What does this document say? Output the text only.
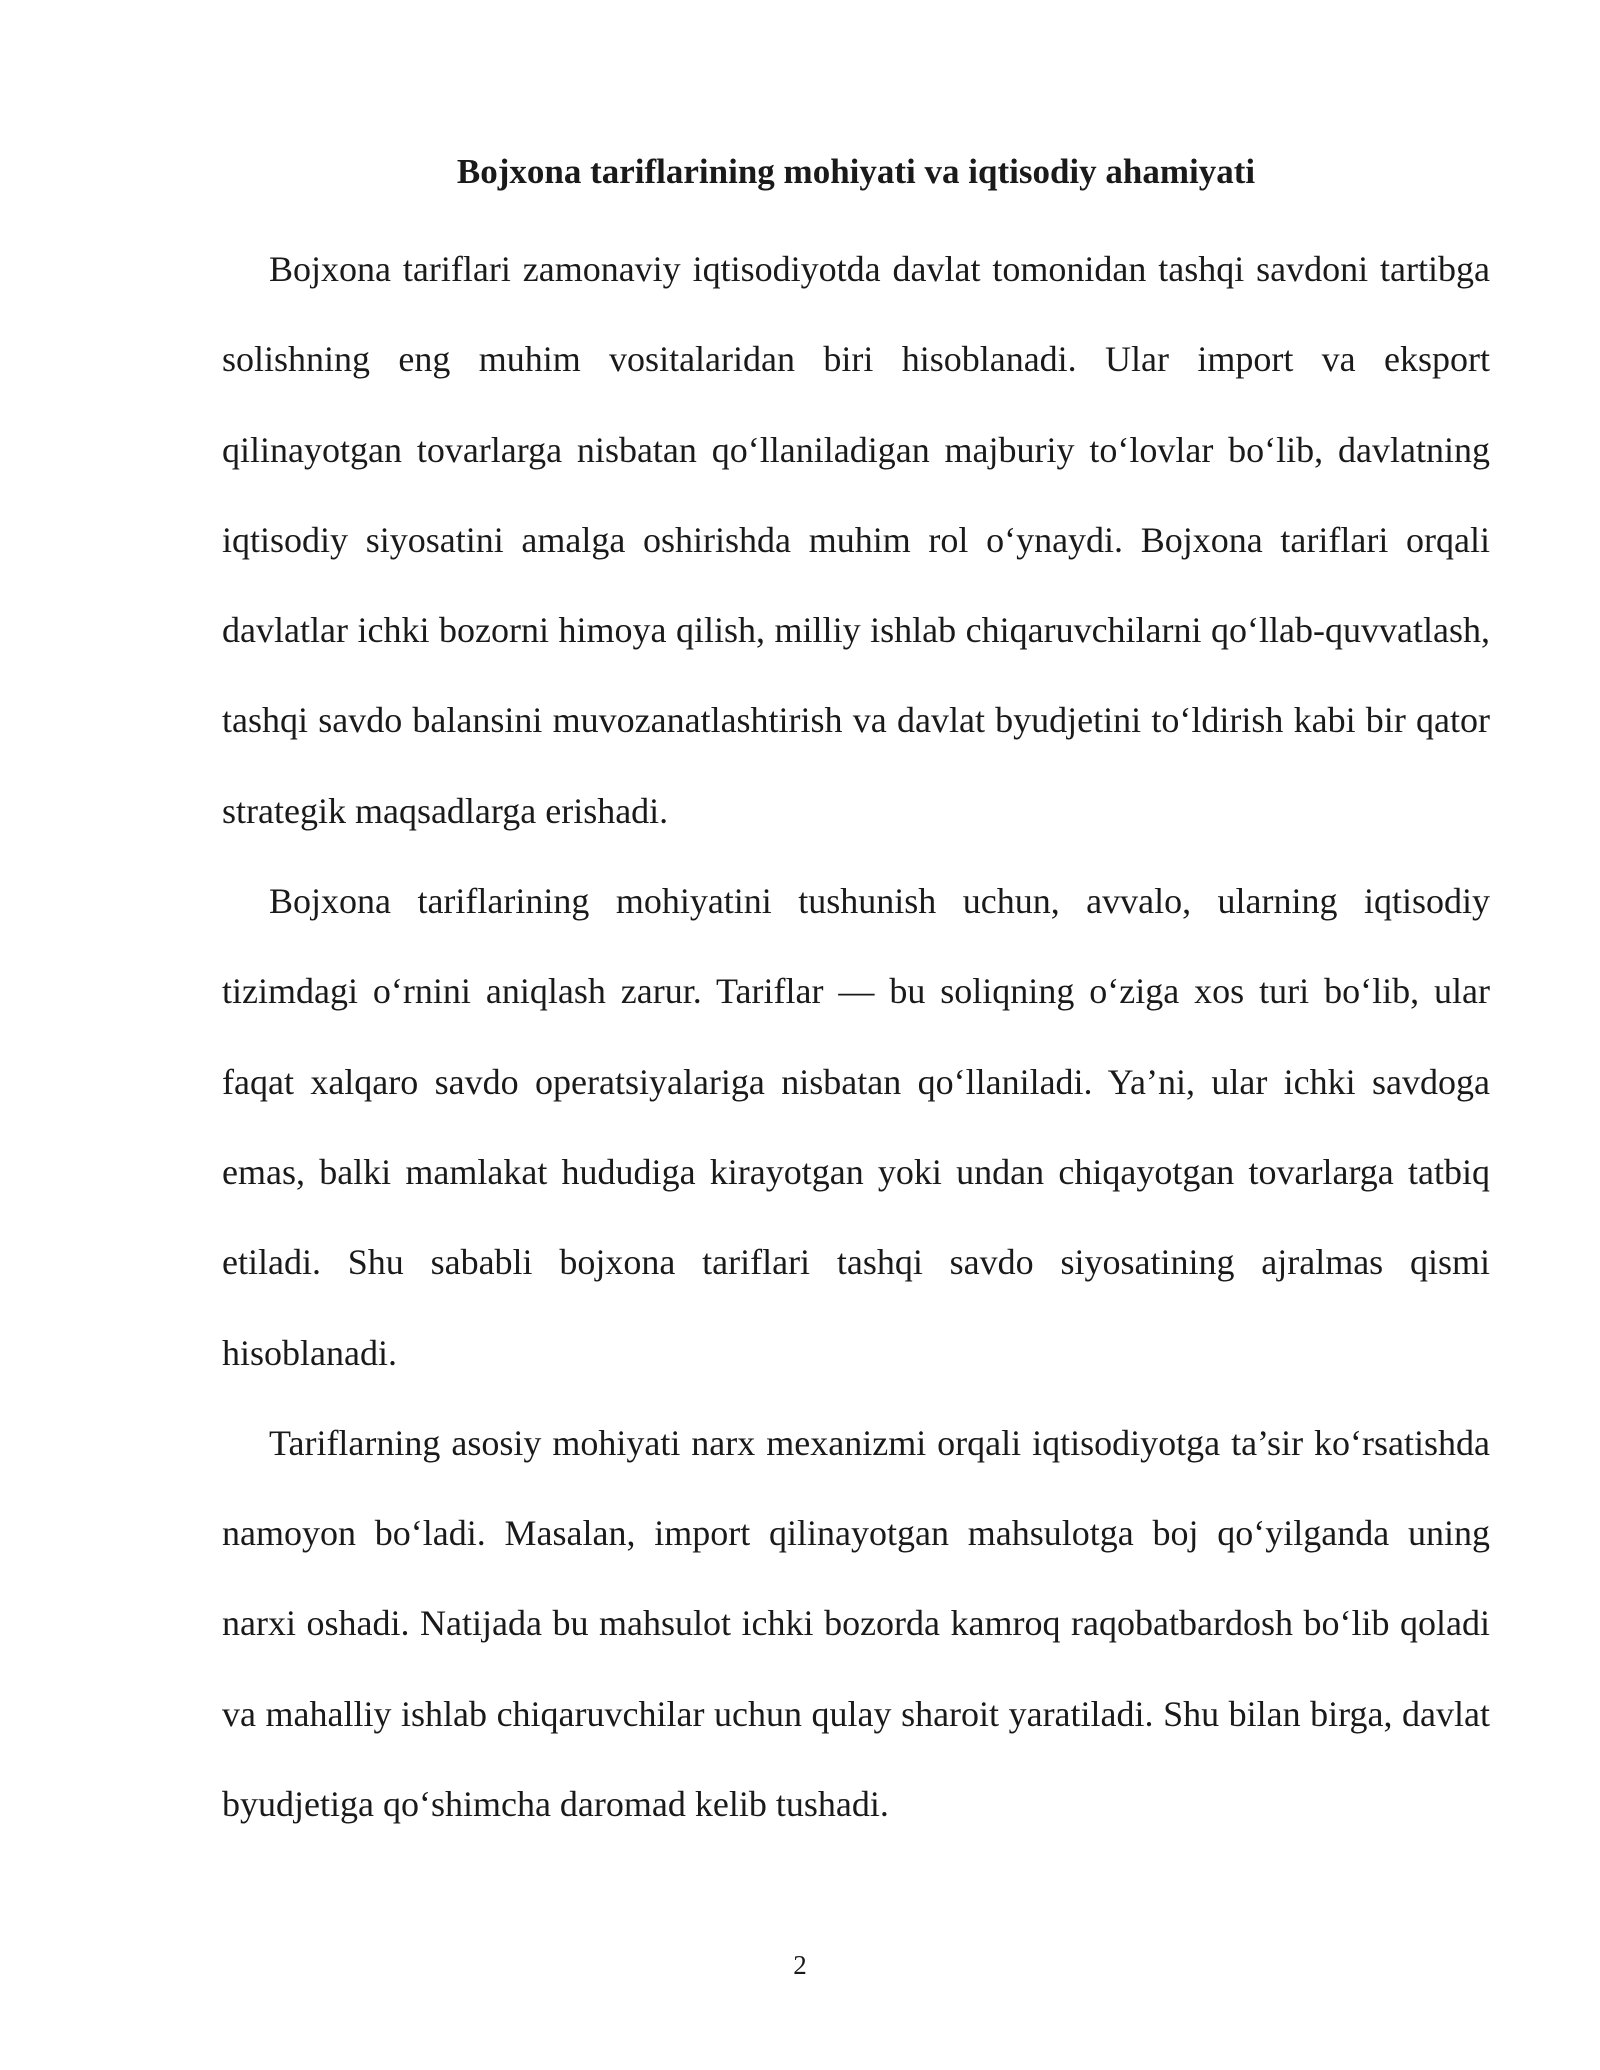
Bojxona tariflarining mohiyati va iqtisodiy ahamiyati

Bojxona tariflari zamonaviy iqtisodiyotda davlat tomonidan tashqi savdoni tartibga solishning eng muhim vositalaridan biri hisoblanadi. Ular import va eksport qilinayotgan tovarlarga nisbatan qo‘llaniladigan majburiy to‘lovlar bo‘lib, davlatning iqtisodiy siyosatini amalga oshirishda muhim rol o‘ynaydi. Bojxona tariflari orqali davlatlar ichki bozorni himoya qilish, milliy ishlab chiqaruvchilarni qo‘llab-quvvatlash, tashqi savdo balansini muvozanatlashtirish va davlat byudjetini to‘ldirish kabi bir qator strategik maqsadlarga erishadi.

Bojxona tariflarining mohiyatini tushunish uchun, avvalo, ularning iqtisodiy tizimdagi o‘rnini aniqlash zarur. Tariflar — bu soliqning o‘ziga xos turi bo‘lib, ular faqat xalqaro savdo operatsiyalariga nisbatan qo‘llaniladi. Ya’ni, ular ichki savdoga emas, balki mamlakat hududiga kirayotgan yoki undan chiqayotgan tovarlarga tatbiq etiladi. Shu sababli bojxona tariflari tashqi savdo siyosatining ajralmas qismi hisoblanadi.

Tariflarning asosiy mohiyati narx mexanizmi orqali iqtisodiyotga ta’sir ko‘rsatishda namoyon bo‘ladi. Masalan, import qilinayotgan mahsulotga boj qo‘yilganda uning narxi oshadi. Natijada bu mahsulot ichki bozorda kamroq raqobatbardosh bo‘lib qoladi va mahalliy ishlab chiqaruvchilar uchun qulay sharoit yaratiladi. Shu bilan birga, davlat byudjetiga qo‘shimcha daromad kelib tushadi.

2
